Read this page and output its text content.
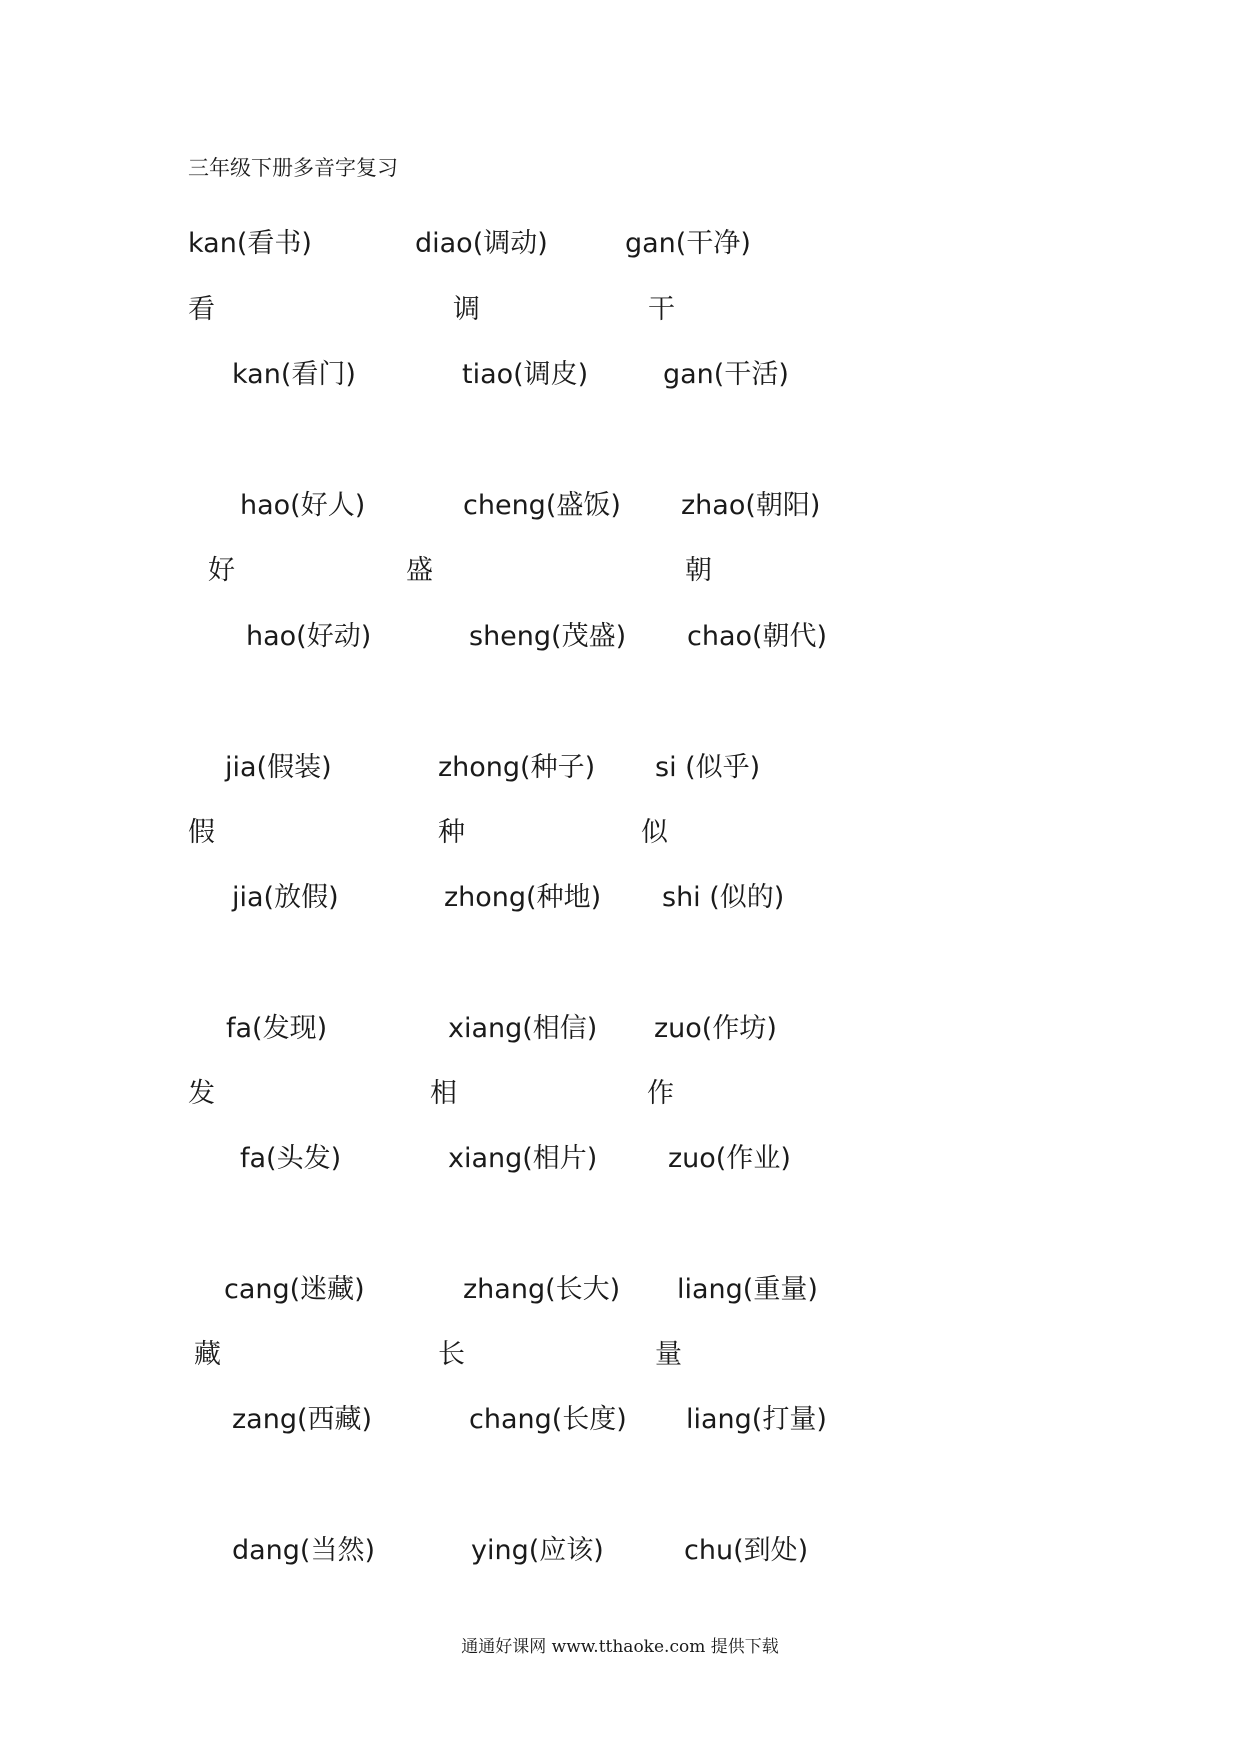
三年级下册多音字复习
kan(看书)	diao(调动)	gan(干净)
看	调	干
kan(看门)	tiao(调皮)	gan(干活)
hao(好人)	cheng(盛饭) zhao(朝阳)
好	盛	朝
hao(好动)	sheng(茂盛) chao(朝代)
jia(假装)	zhong(种子) si (似乎)
假	种	似
jia(放假)	zhong(种地) shi (似的)
fa(发现)	xiang(相信) zuo(作坊)
发	相	作
fa(头发)	xiang(相片)	zuo(作业)
cang(迷藏)	zhang(长大) liang(重量)
藏	长	量
zang(西藏)	chang(长度) liang(打量)
dang(当然)	ying(应该)	chu(到处)
通通好课网 www.tthaoke.com 提供下载
